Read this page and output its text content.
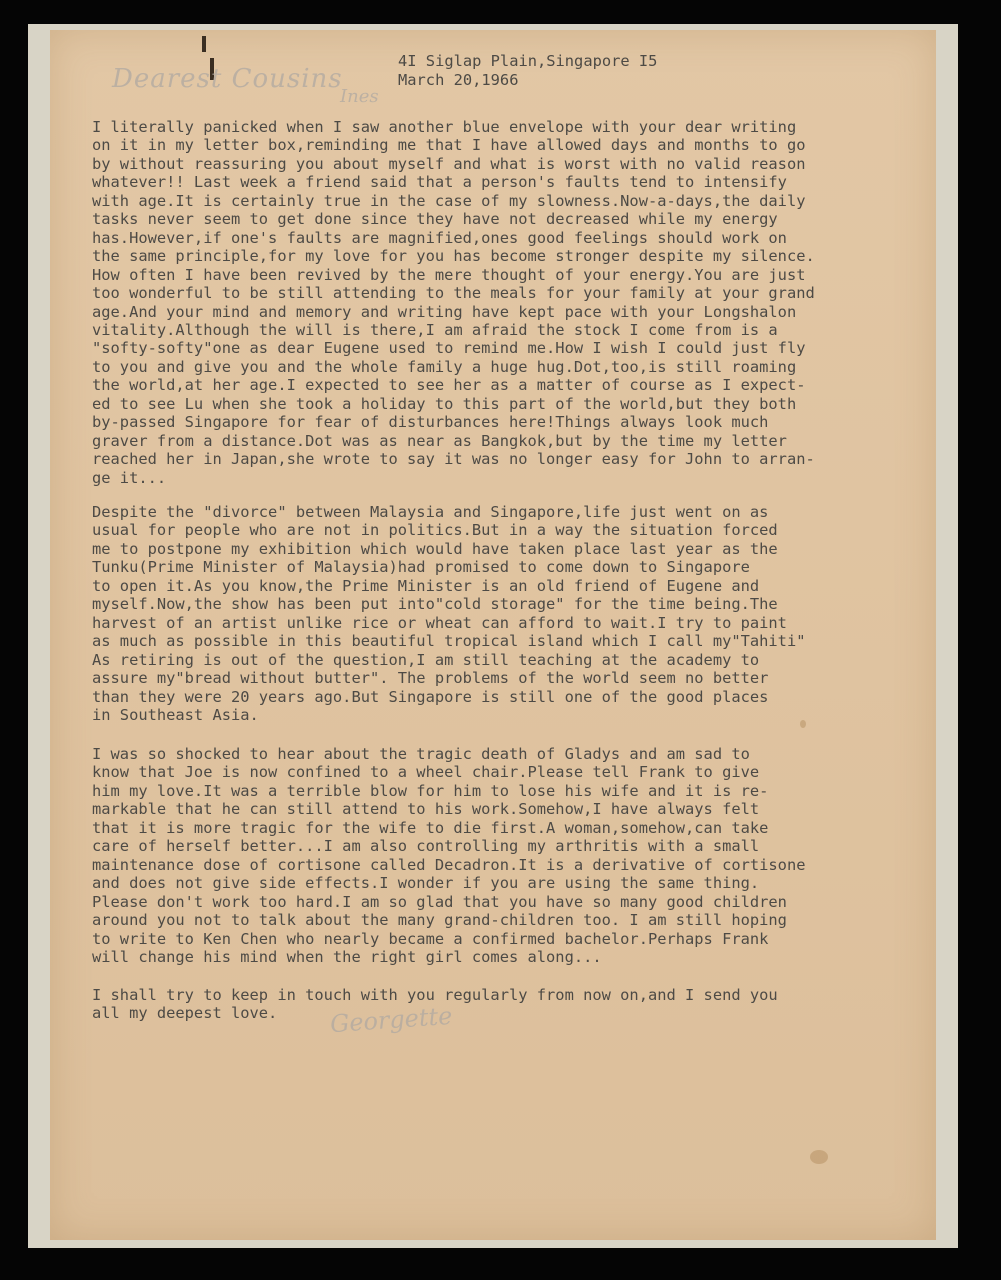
4I Siglap Plain,Singapore I5
March 20,1966
Dearest Cousins
Ines
I literally panicked when I saw another blue envelope with your dear writing
on it in my letter box,reminding me that I have allowed days and months to go
by without reassuring you about myself and what is worst with no valid reason
whatever!! Last week a friend said that a person's faults tend to intensify
with age.It is certainly true in the case of my slowness.Now-a-days,the daily
tasks never seem to get done since they have not decreased while my energy
has.However,if one's faults are magnified,ones good feelings should work on
the same principle,for my love for you has become stronger despite my silence.
How often I have been revived by the mere thought of your energy.You are just
too wonderful to be still attending to the meals for your family at your grand
age.And your mind and memory and writing have kept pace with your Longshalon
vitality.Although the will is there,I am afraid the stock I come from is a
"softy-softy"one as dear Eugene used to remind me.How I wish I could just fly
to you and give you and the whole family a huge hug.Dot,too,is still roaming
the world,at her age.I expected to see her as a matter of course as I expect-
ed to see Lu when she took a holiday to this part of the world,but they both
by-passed Singapore for fear of disturbances here!Things always look much
graver from a distance.Dot was as near as Bangkok,but by the time my letter
reached her in Japan,she wrote to say it was no longer easy for John to arran-
ge it...
Despite the "divorce" between Malaysia and Singapore,life just went on as
usual for people who are not in politics.But in a way the situation forced
me to postpone my exhibition which would have taken place last year as the
Tunku(Prime Minister of Malaysia)had promised to come down to Singapore
to open it.As you know,the Prime Minister is an old friend of Eugene and
myself.Now,the show has been put into"cold storage" for the time being.The
harvest of an artist unlike rice or wheat can afford to wait.I try to paint
as much as possible in this beautiful tropical island which I call my"Tahiti"
As retiring is out of the question,I am still teaching at the academy to
assure my"bread without butter". The problems of the world seem no better
than they were 20 years ago.But Singapore is still one of the good places
in Southeast Asia.
I was so shocked to hear about the tragic death of Gladys and am sad to
know that Joe is now confined to a wheel chair.Please tell Frank to give
him my love.It was a terrible blow for him to lose his wife and it is re-
markable that he can still attend to his work.Somehow,I have always felt
that it is more tragic for the wife to die first.A woman,somehow,can take
care of herself better...I am also controlling my arthritis with a small
maintenance dose of cortisone called Decadron.It is a derivative of cortisone
and does not give side effects.I wonder if you are using the same thing.
Please don't work too hard.I am so glad that you have so many good children
around you not to talk about the many grand-children too. I am still hoping
to write to Ken Chen who nearly became a confirmed bachelor.Perhaps Frank
will change his mind when the right girl comes along...
I shall try to keep in touch with you regularly from now on,and I send you
all my deepest love. Georgette
